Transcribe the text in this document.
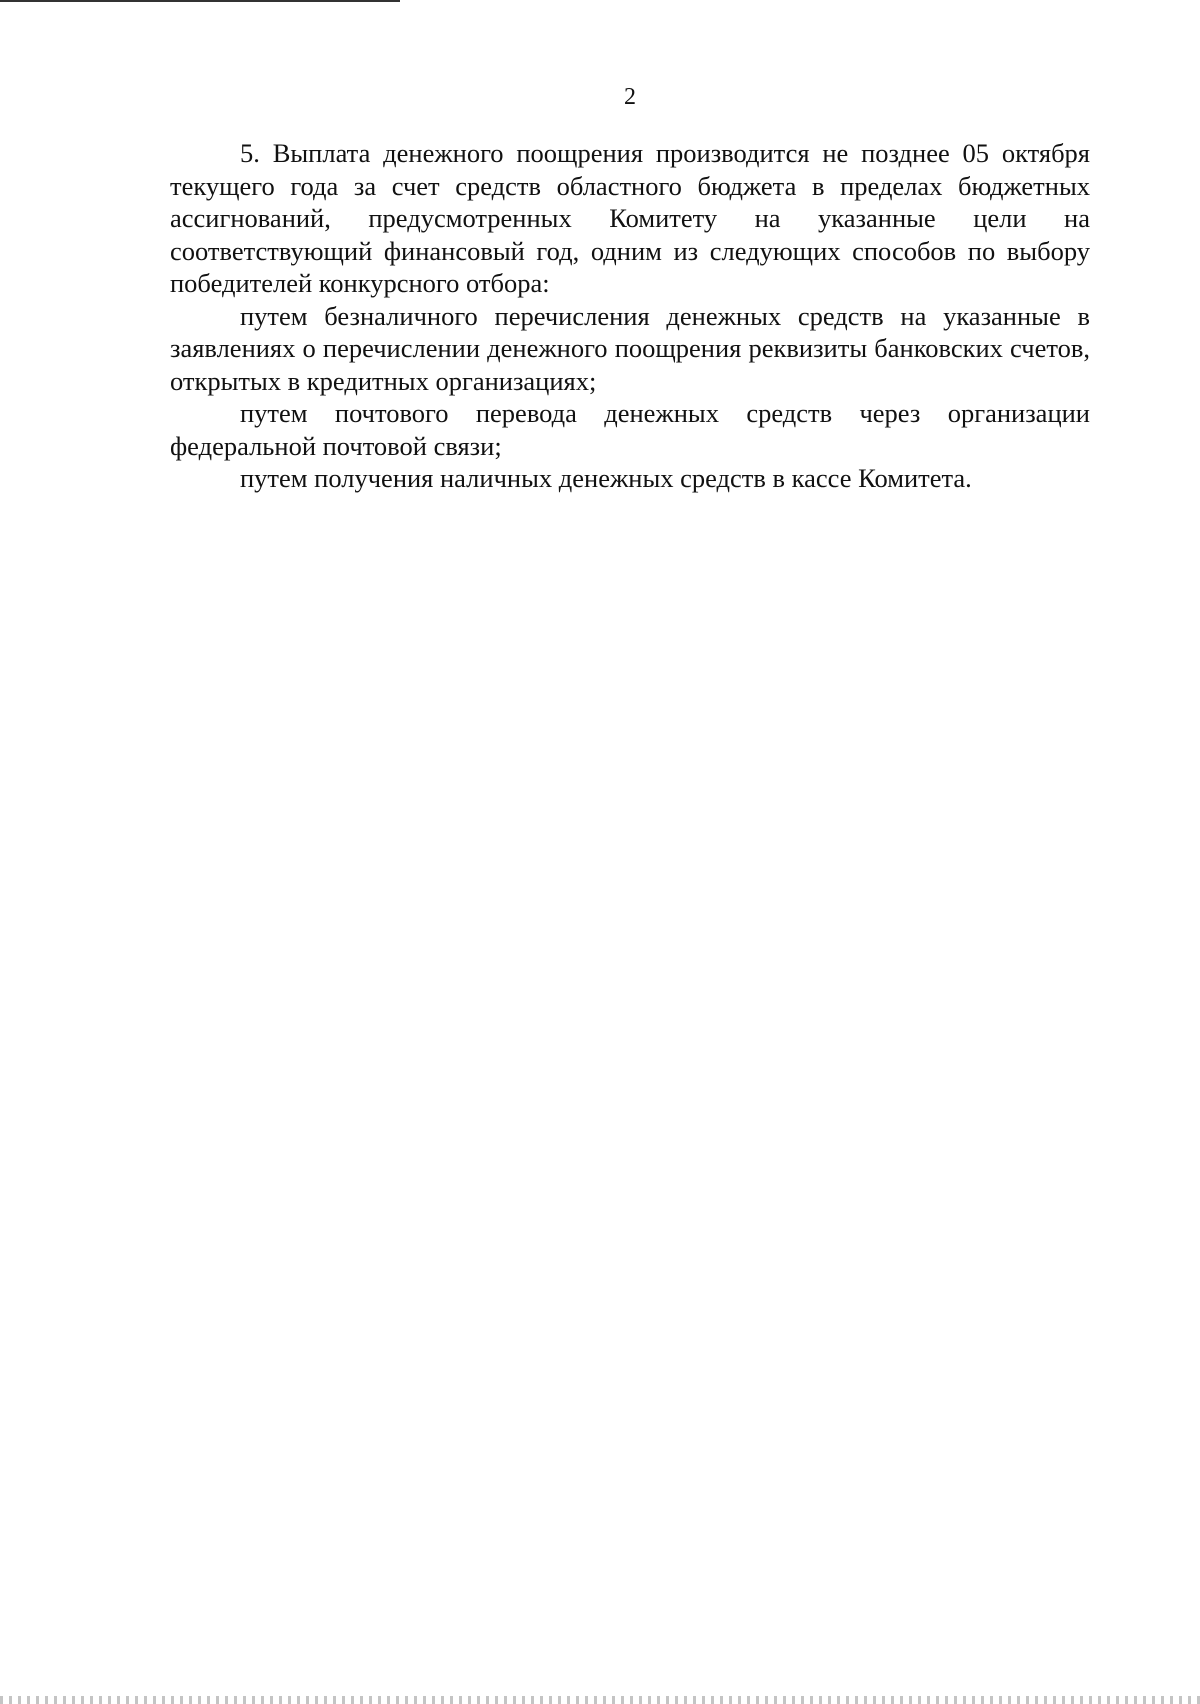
2

5. Выплата денежного поощрения производится не позднее 05 октября текущего года за счет средств областного бюджета в пределах бюджетных ассигнований, предусмотренных Комитету на указанные цели на соответствующий финансовый год, одним из следующих способов по выбору победителей конкурсного отбора:

путем безналичного перечисления денежных средств на указанные в заявлениях о перечислении денежного поощрения реквизиты банковских счетов, открытых в кредитных организациях;

путем почтового перевода денежных средств через организации федеральной почтовой связи;

путем получения наличных денежных средств в кассе Комитета.
